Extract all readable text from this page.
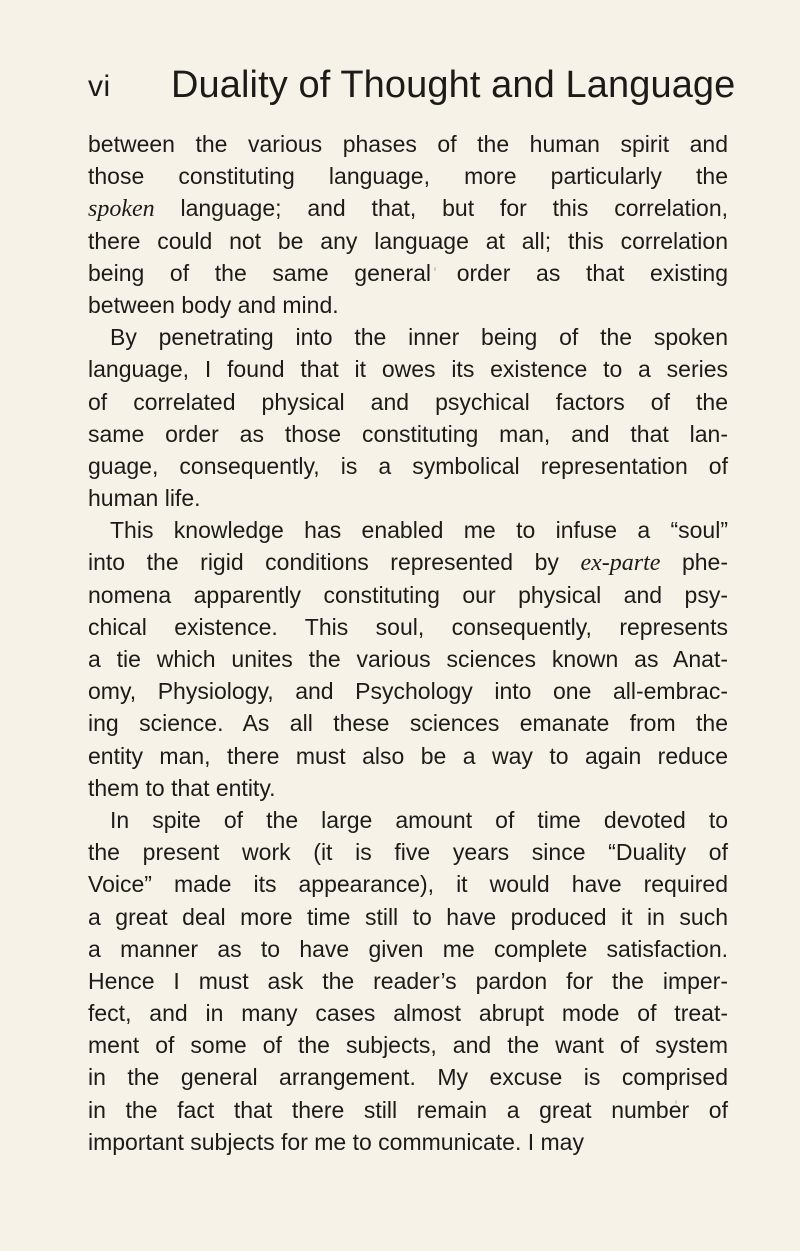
vi Duality of Thought and Language
between the various phases of the human spirit and
those constituting language, more particularly the
spoken language; and that, but for this correlation,
there could not be any language at all; this correlation
being of the same general order as that existing
between body and mind.
By penetrating into the inner being of the spoken
language, I found that it owes its existence to a series
of correlated physical and psychical factors of the
same order as those constituting man, and that lan-
guage, consequently, is a symbolical representation of
human life.
This knowledge has enabled me to infuse a “soul”
into the rigid conditions represented by ex-parte phe-
nomena apparently constituting our physical and psy-
chical existence. This soul, consequently, represents
a tie which unites the various sciences known as Anat-
omy, Physiology, and Psychology into one all-embrac-
ing science. As all these sciences emanate from the
entity man, there must also be a way to again reduce
them to that entity.
In spite of the large amount of time devoted to
the present work (it is five years since “Duality of
Voice” made its appearance), it would have required
a great deal more time still to have produced it in such
a manner as to have given me complete satisfaction.
Hence I must ask the reader’s pardon for the imper-
fect, and in many cases almost abrupt mode of treat-
ment of some of the subjects, and the want of system
in the general arrangement. My excuse is comprised
in the fact that there still remain a great number of
important subjects for me to communicate. I may
